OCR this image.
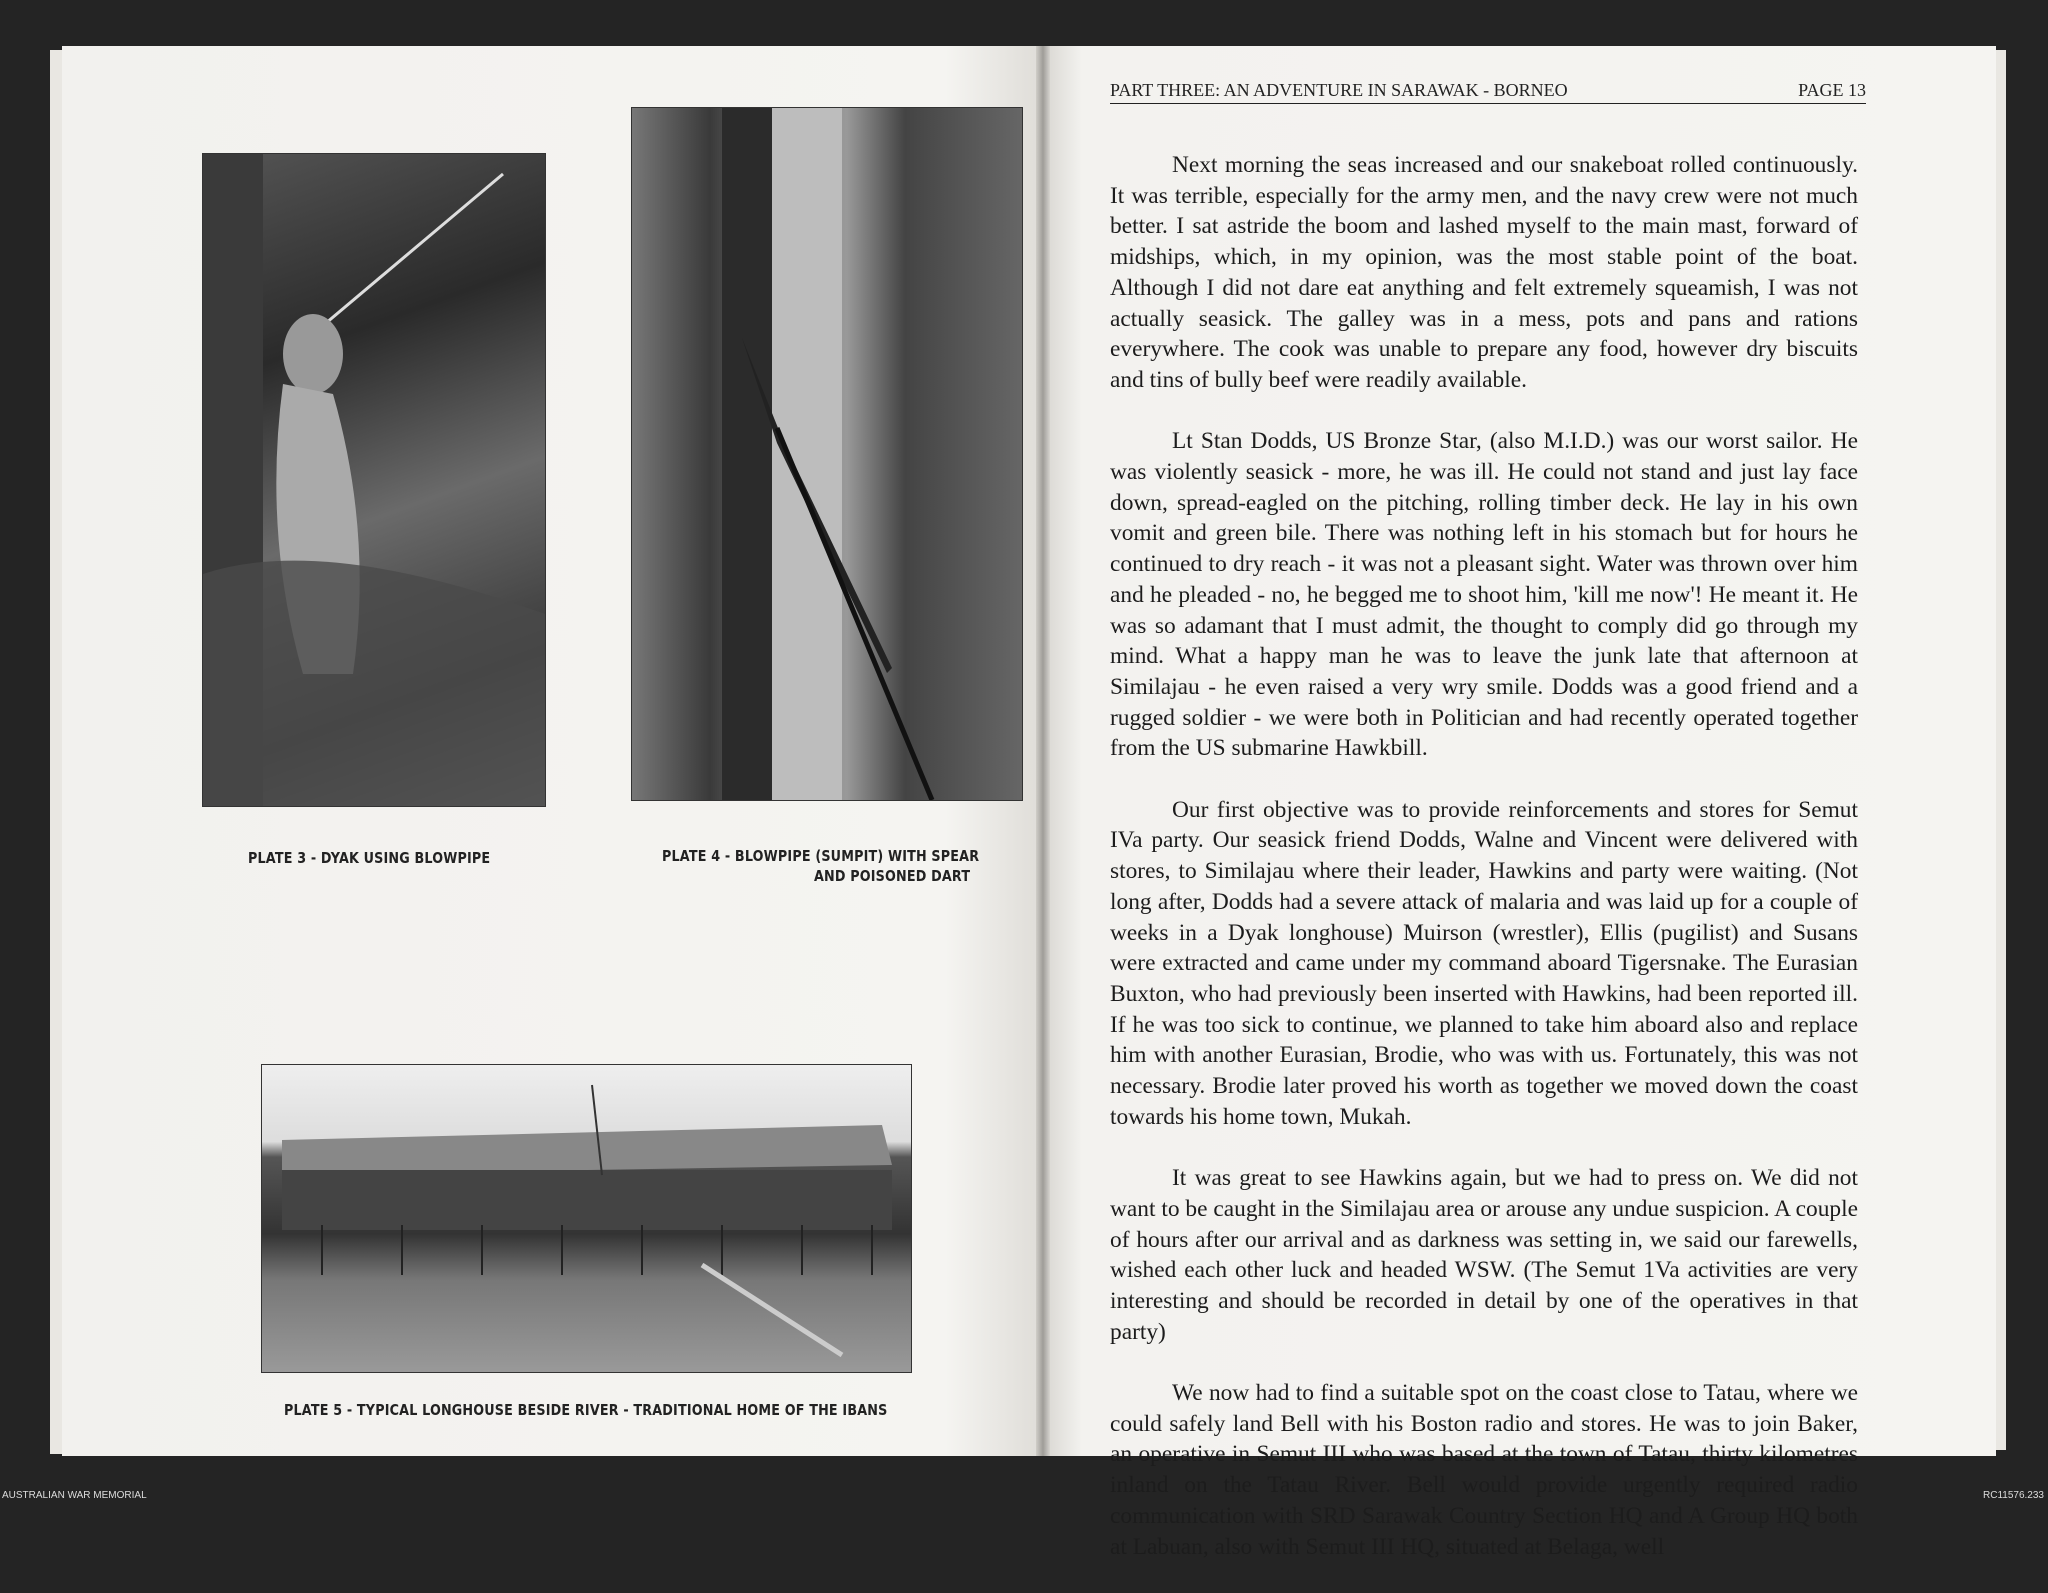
PLATE 3 - DYAK USING BLOWPIPE	PLATE 4 - BLOWPIPE (SUMPIT) WITH SPEAR
AND POISONED DART
PLATE 5 - TYPICAL LONGHOUSE BESIDE RIVER - TRADITIONAL HOME OF THE IBANS
PART THREE: AN ADVENTURE IN SARAWAK - BORNEO	PAGE 13

Next morning the seas increased and our snakeboat rolled continuously. It was terrible, especially for the army men, and the navy crew were not much better. I sat astride the boom and lashed myself to the main mast, forward of midships, which, in my opinion, was the most stable point of the boat. Although I did not dare eat anything and felt extremely squeamish, I was not actually seasick. The galley was in a mess, pots and pans and rations everywhere. The cook was unable to prepare any food, however dry biscuits and tins of bully beef were readily available.

Lt Stan Dodds, US Bronze Star, (also M.I.D.) was our worst sailor. He was violently seasick - more, he was ill. He could not stand and just lay face down, spread-eagled on the pitching, rolling timber deck. He lay in his own vomit and green bile. There was nothing left in his stomach but for hours he continued to dry reach - it was not a pleasant sight. Water was thrown over him and he pleaded - no, he begged me to shoot him, 'kill me now'! He meant it. He was so adamant that I must admit, the thought to comply did go through my mind. What a happy man he was to leave the junk late that afternoon at Similajau - he even raised a very wry smile. Dodds was a good friend and a rugged soldier - we were both in Politician and had recently operated together from the US submarine Hawkbill.

Our first objective was to provide reinforcements and stores for Semut IVa party. Our seasick friend Dodds, Walne and Vincent were delivered with stores, to Similajau where their leader, Hawkins and party were waiting. (Not long after, Dodds had a severe attack of malaria and was laid up for a couple of weeks in a Dyak longhouse) Muirson (wrestler), Ellis (pugilist) and Susans were extracted and came under my command aboard Tigersnake. The Eurasian Buxton, who had previously been inserted with Hawkins, had been reported ill. If he was too sick to continue, we planned to take him aboard also and replace him with another Eurasian, Brodie, who was with us. Fortunately, this was not necessary. Brodie later proved his worth as together we moved down the coast towards his home town, Mukah.

It was great to see Hawkins again, but we had to press on. We did not want to be caught in the Similajau area or arouse any undue suspicion. A couple of hours after our arrival and as darkness was setting in, we said our farewells, wished each other luck and headed WSW. (The Semut 1Va activities are very interesting and should be recorded in detail by one of the operatives in that party)

We now had to find a suitable spot on the coast close to Tatau, where we could safely land Bell with his Boston radio and stores. He was to join Baker, an operative in Semut III who was based at the town of Tatau, thirty kilometres inland on the Tatau River. Bell would provide urgently required radio communication with SRD Sarawak Country Section HQ and A Group HQ both at Labuan, also with Semut III HQ, situated at Belaga, well

AUSTRALIAN WAR MEMORIAL	RC11576.233
